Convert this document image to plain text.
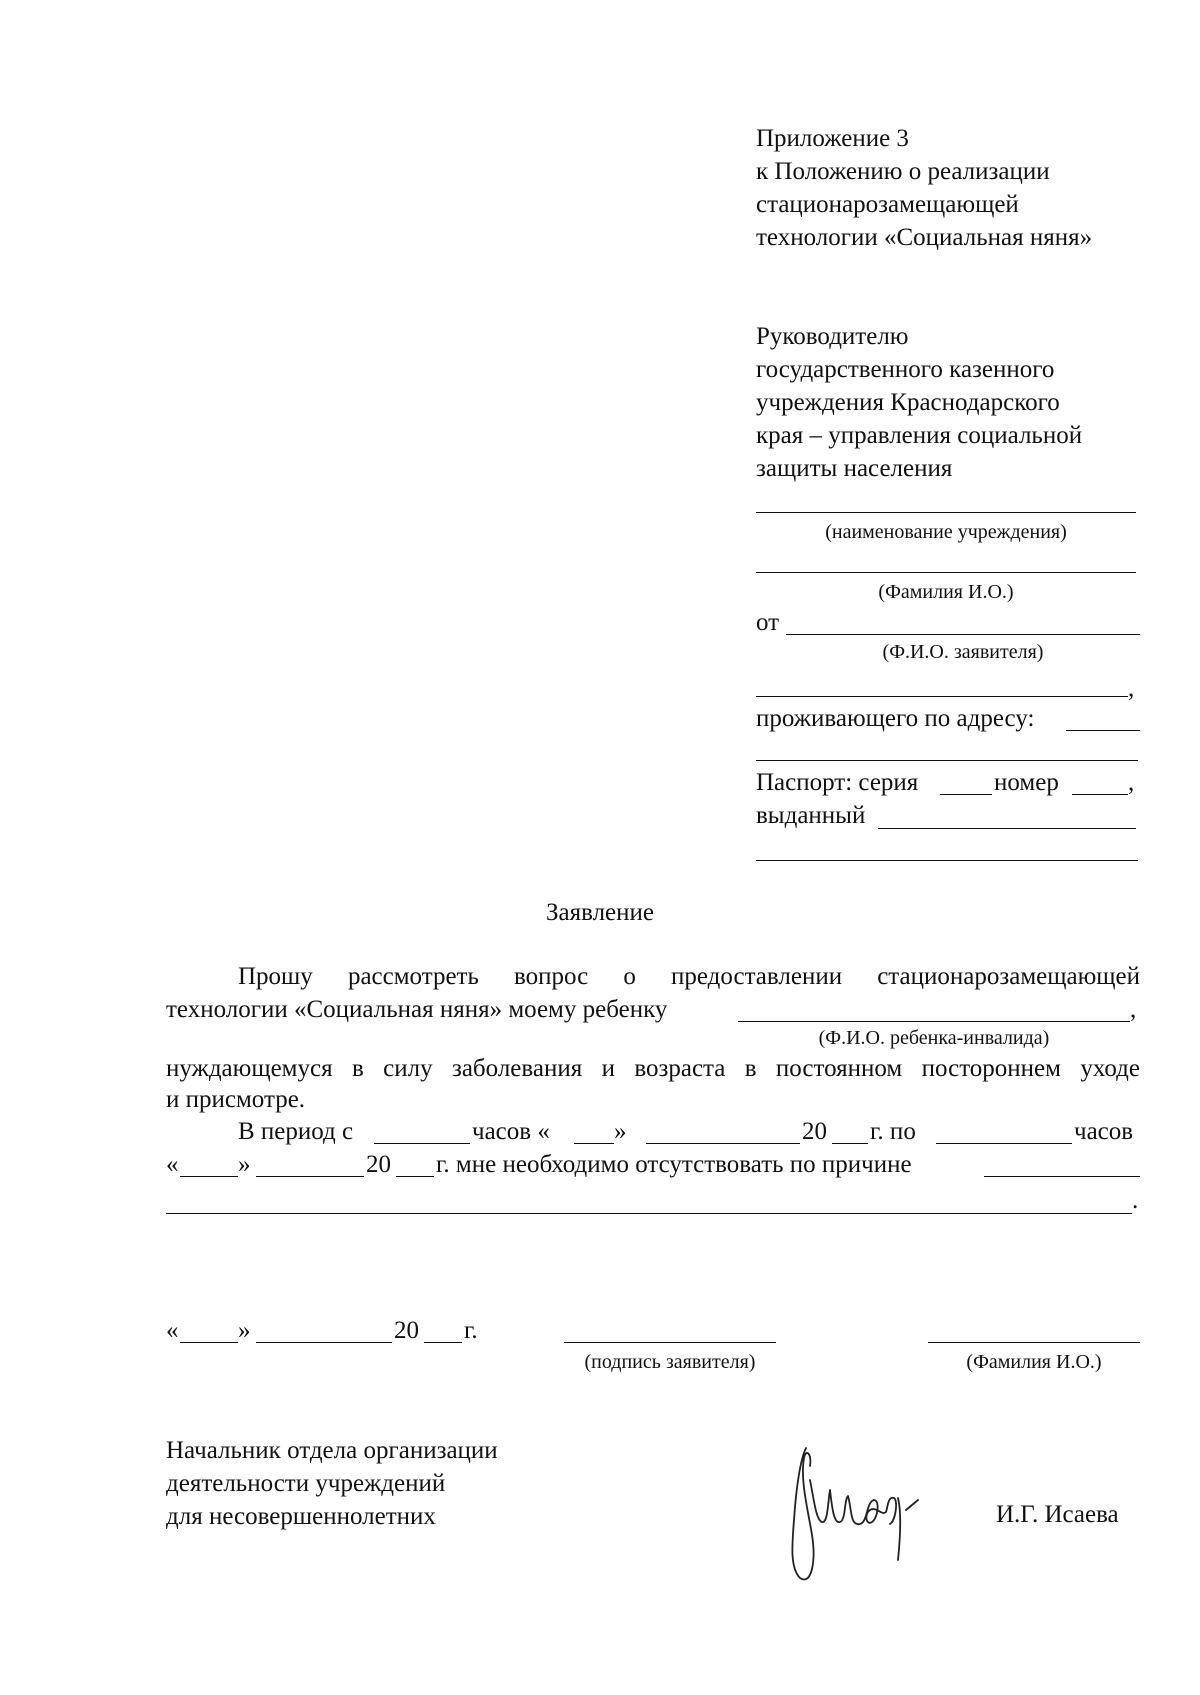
Приложение 3
к Положению о реализации
стационарозамещающей
технологии «Социальная няня»
Руководителю
государственного казенного
учреждения Краснодарского
края – управления социальной
защиты населения
(наименование учреждения)
(Фамилия И.О.)
от
(Ф.И.О. заявителя)
,
проживающего по адресу:
Паспорт: серия	номер	,
выданный
Заявление
Прошу рассмотреть вопрос о предоставлении стационарозамещающей
технологии «Социальная няня» моему ребенку	,
(Ф.И.О. ребенка-инвалида)
нуждающемуся в силу заболевания и возраста в постоянном постороннем уходе
и присмотре.
В период с	часов «	»	20 г. по	часов
« »	20 г. мне необходимо отсутствовать по причине
.
« »	20 г.
(подпись заявителя)	(Фамилия И.О.)
Начальник отдела организации
деятельности учреждений
для несовершеннолетних	И.Г. Исаева
